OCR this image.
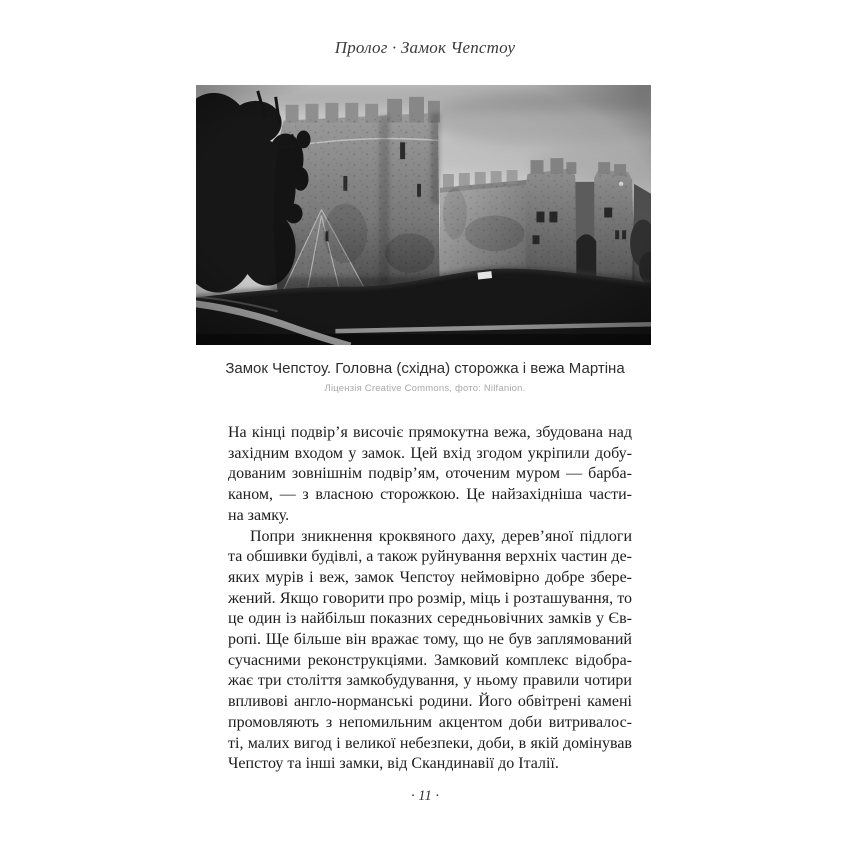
Пролог · Замок Чепстоу
Замок Чепстоу. Головна (східна) сторожка і вежа Мартіна
Ліцензія Creative Commons, фото: Nilfanion.
На кінці подвір’я височіє прямокутна вежа, збудована над
західним входом у замок. Цей вхід згодом укріпили добу-
дованим зовнішнім подвір’ям, оточеним муром — барба-
каном, — з власною сторожкою. Це найзахідніша части-
на замку.
Попри зникнення кроквяного даху, дерев’яної підлоги
та обшивки будівлі, а також руйнування верхніх частин де-
яких мурів і веж, замок Чепстоу неймовірно добре збере-
жений. Якщо говорити про розмір, міць і розташування, то
це один із найбільш показних середньовічних замків у Єв-
ропі. Ще більше він вражає тому, що не був заплямований
сучасними реконструкціями. Замковий комплекс відобра-
жає три століття замкобудування, у ньому правили чотири
впливові англо-норманські родини. Його обвітрені камені
промовляють з непомильним акцентом доби витривалос-
ті, малих вигод і великої небезпеки, доби, в якій домінував
Чепстоу та інші замки, від Скандинавії до Італії.
· 11 ·
